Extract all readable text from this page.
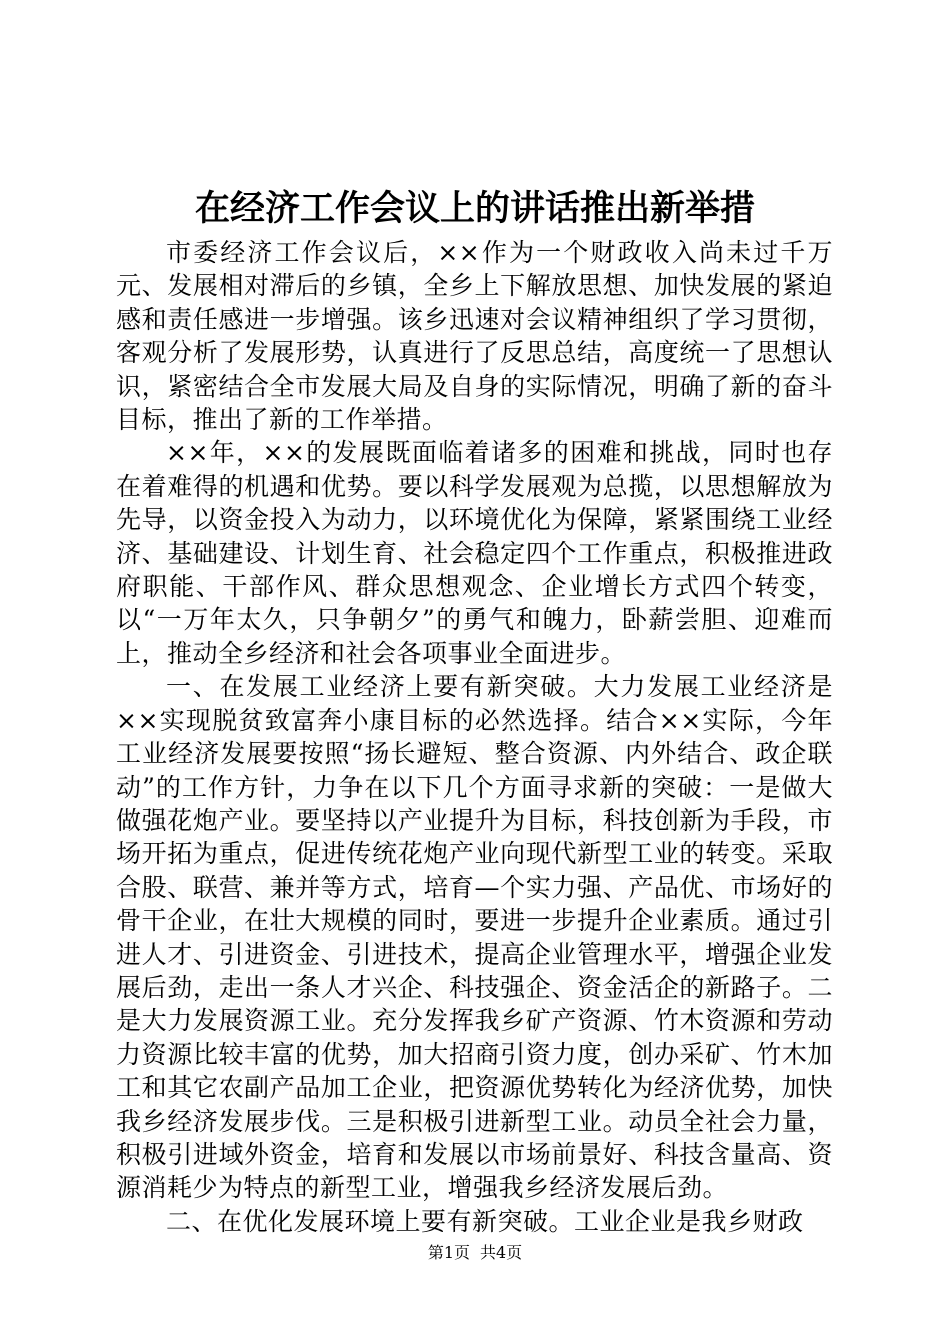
在经济工作会议上的讲话推出新举措

市委经济工作会议后，××作为一个财政收入尚未过千万元、发展相对滞后的乡镇，全乡上下解放思想、加快发展的紧迫感和责任感进一步增强。该乡迅速对会议精神组织了学习贯彻，客观分析了发展形势，认真进行了反思总结，高度统一了思想认识，紧密结合全市发展大局及自身的实际情况，明确了新的奋斗目标，推出了新的工作举措。

××年，××的发展既面临着诸多的困难和挑战，同时也存在着难得的机遇和优势。要以科学发展观为总揽，以思想解放为先导，以资金投入为动力，以环境优化为保障，紧紧围绕工业经济、基础建设、计划生育、社会稳定四个工作重点，积极推进政府职能、干部作风、群众思想观念、企业增长方式四个转变，以“一万年太久，只争朝夕”的勇气和魄力，卧薪尝胆、迎难而上，推动全乡经济和社会各项事业全面进步。

一、在发展工业经济上要有新突破。大力发展工业经济是××实现脱贫致富奔小康目标的必然选择。结合××实际，今年工业经济发展要按照“扬长避短、整合资源、内外结合、政企联动”的工作方针，力争在以下几个方面寻求新的突破：一是做大做强花炮产业。要坚持以产业提升为目标，科技创新为手段，市场开拓为重点，促进传统花炮产业向现代新型工业的转变。采取合股、联营、兼并等方式，培育—个实力强、产品优、市场好的骨干企业，在壮大规模的同时，要进一步提升企业素质。通过引进人才、引进资金、引进技术，提高企业管理水平，增强企业发展后劲，走出一条人才兴企、科技强企、资金活企的新路子。二是大力发展资源工业。充分发挥我乡矿产资源、竹木资源和劳动力资源比较丰富的优势，加大招商引资力度，创办采矿、竹木加工和其它农副产品加工企业，把资源优势转化为经济优势，加快我乡经济发展步伐。三是积极引进新型工业。动员全社会力量，积极引进域外资金，培育和发展以市场前景好、科技含量高、资源消耗少为特点的新型工业，增强我乡经济发展后劲。

二、在优化发展环境上要有新突破。工业企业是我乡财政

第1页 共4页
